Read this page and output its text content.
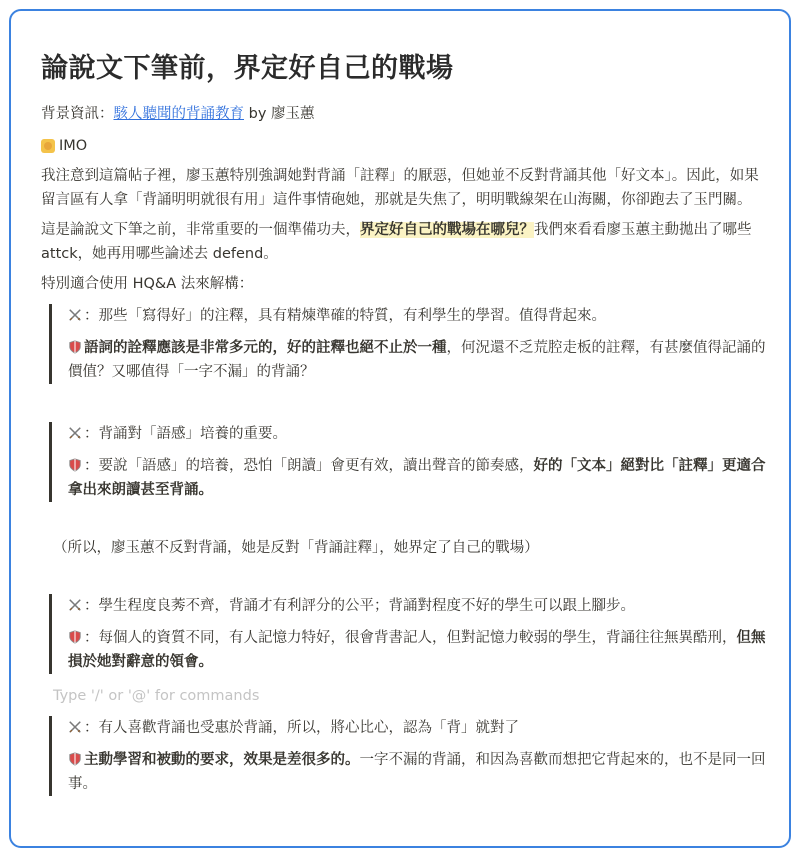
論說文下筆前，界定好自己的戰場

背景資訊：駭人聽聞的背誦教育 by 廖玉蕙

IMO

我注意到這篇帖子裡，廖玉蕙特別強調她對背誦「註釋」的厭惡，但她並不反對背誦其他「好文本」。因此，如果留言區有人拿「背誦明明就很有用」這件事情砲她，那就是失焦了，明明戰線架在山海關，你卻跑去了玉門關。

這是論說文下筆之前，非常重要的一個準備功夫，界定好自己的戰場在哪兒？我們來看看廖玉蕙主動拋出了哪些 attck，她再用哪些論述去 defend。

特別適合使用 HQ&A 法來解構：

：那些「寫得好」的注釋，具有精煉準確的特質，有利學生的學習。值得背起來。

語詞的詮釋應該是非常多元的，好的註釋也絕不止於一種，何況還不乏荒腔走板的註釋，有甚麼值得記誦的價值？又哪值得「一字不漏」的背誦？

：背誦對「語感」培養的重要。

：要說「語感」的培養，恐怕「朗讀」會更有效，讀出聲音的節奏感，好的「文本」絕對比「註釋」更適合拿出來朗讀甚至背誦。

（所以，廖玉蕙不反對背誦，她是反對「背誦註釋」，她界定了自己的戰場）

：學生程度良莠不齊，背誦才有利評分的公平；背誦對程度不好的學生可以跟上腳步。

：每個人的資質不同，有人記憶力特好，很會背書記人，但對記憶力較弱的學生，背誦往往無異酷刑，但無損於她對辭意的領會。

Type '/' or '@' for commands

：有人喜歡背誦也受惠於背誦，所以，將心比心，認為「背」就對了

主動學習和被動的要求，效果是差很多的。一字不漏的背誦，和因為喜歡而想把它背起來的，也不是同一回事。
